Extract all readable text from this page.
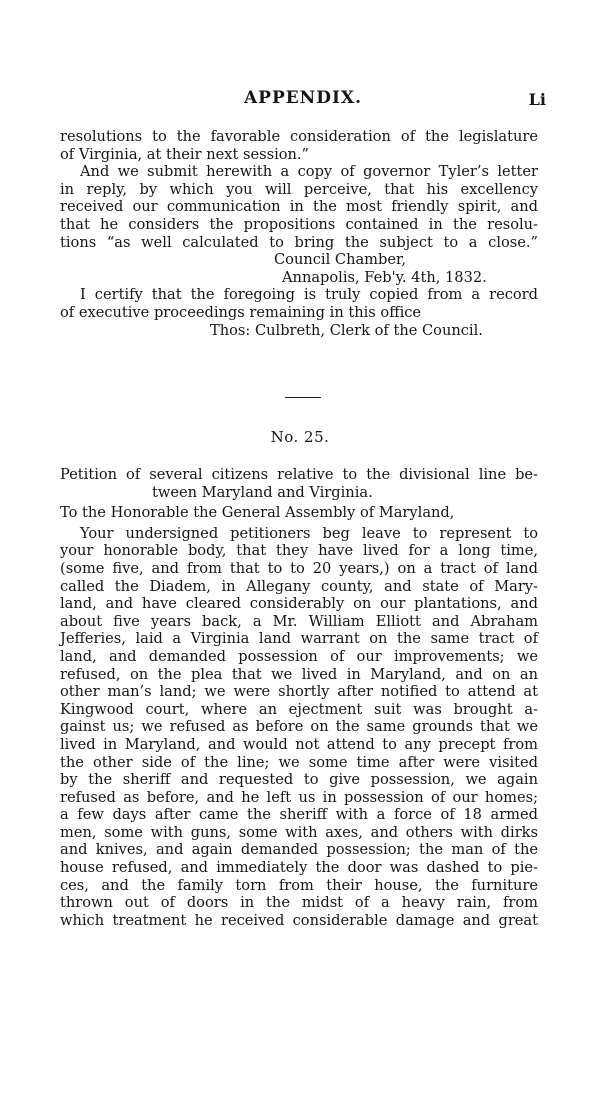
APPENDIX.	Li
resolutions to the favorable consideration of the legislature
of Virginia, at their next session.”
And we submit herewith a copy of governor Tyler’s letter
in reply, by which you will perceive, that his excellency
received our communication in the most friendly spirit, and
that he considers the propositions contained in the resolu-
tions “as well calculated to bring the subject to a close.”
Council Chamber,
Annapolis, Feb'y. 4th, 1832.
I certify that the foregoing is truly copied from a record
of executive proceedings remaining in this office
Thos: Culbreth, Clerk of the Council.
No. 25.
Petition of several citizens relative to the divisional line be-
tween Maryland and Virginia.
To the Honorable the General Assembly of Maryland,
Your undersigned petitioners beg leave to represent to
your honorable body, that they have lived for a long time,
(some five, and from that to to 20 years,) on a tract of land
called the Diadem, in Allegany county, and state of Mary-
land, and have cleared considerably on our plantations, and
about five years back, a Mr. William Elliott and Abraham
Jefferies, laid a Virginia land warrant on the same tract of
land, and demanded possession of our improvements; we
refused, on the plea that we lived in Maryland, and on an
other man’s land; we were shortly after notified to attend at
Kingwood court, where an ejectment suit was brought a-
gainst us; we refused as before on the same grounds that we
lived in Maryland, and would not attend to any precept from
the other side of the line; we some time after were visited
by the sheriff and requested to give possession, we again
refused as before, and he left us in possession of our homes;
a few days after came the sheriff with a force of 18 armed
men, some with guns, some with axes, and others with dirks
and knives, and again demanded possession; the man of the
house refused, and immediately the door was dashed to pie-
ces, and the family torn from their house, the furniture
thrown out of doors in the midst of a heavy rain, from
which treatment he received considerable damage and great
